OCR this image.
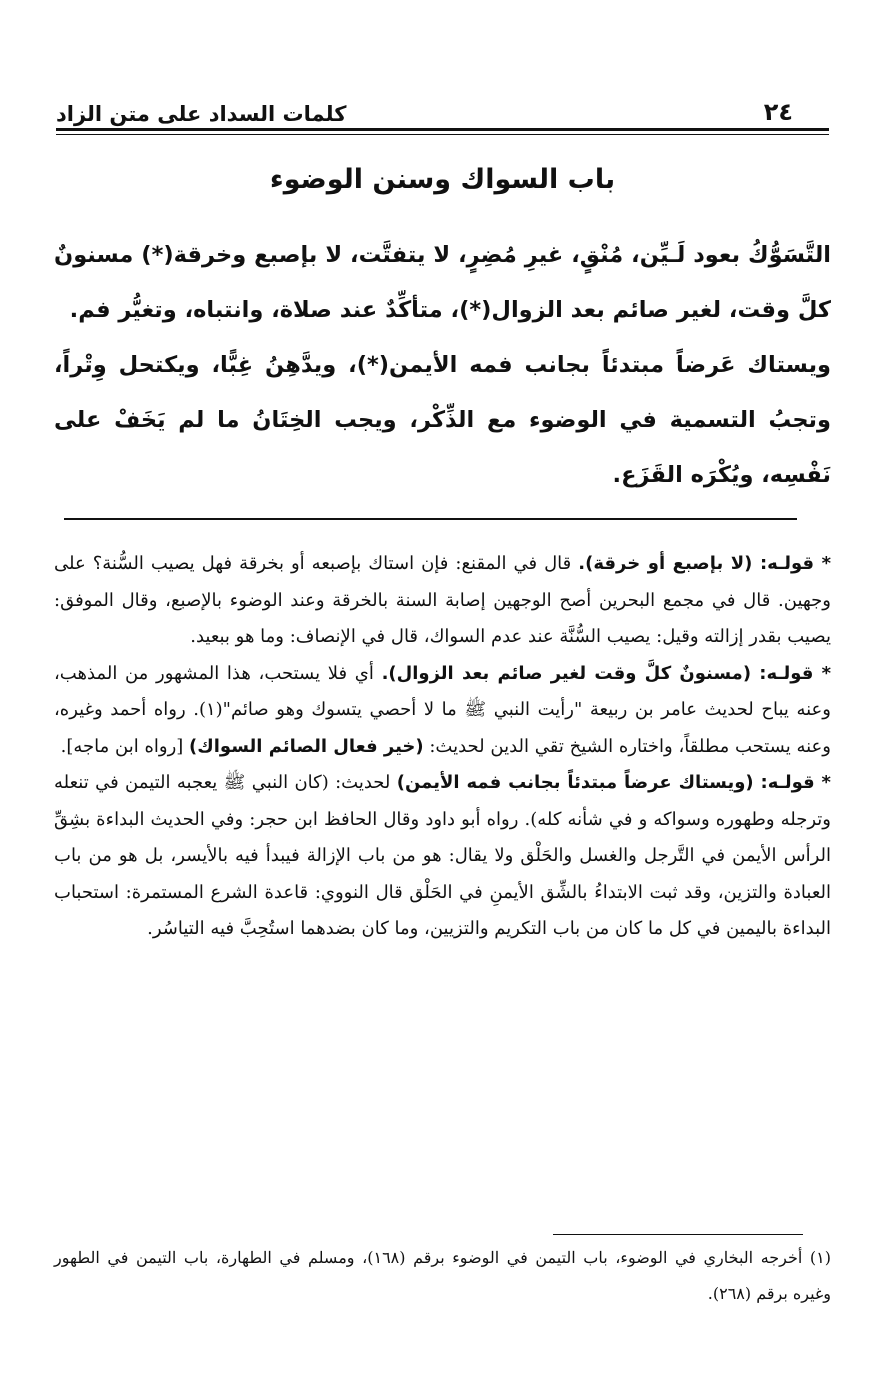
٢٤
كلمات السداد على متن الزاد
باب السواك وسنن الوضوء

التَّسَوُّكُ بعود لَـيِّن، مُنْقٍ، غيرِ مُضِرٍ، لا يتفتَّت، لا بإصبع وخرقة(*) مسنونٌ كلَّ وقت، لغير صائم بعد الزوال(*)، متأكِّدٌ عند صلاة، وانتباه، وتغيُّر فم.

ويستاك عَرضاً مبتدئاً بجانب فمه الأيمن(*)، ويدَّهِنُ غِبًّا، ويكتحل وِتْراً، وتجبُ التسمية في الوضوء مع الذِّكْر، ويجب الخِتَانُ ما لم يَخَفْ على نَفْسِه، ويُكْرَه القَزَع.

* قولـه: (لا بإصبع أو خرقة). قال في المقنع: فإن استاك بإصبعه أو بخرقة فهل يصيب السُّنة؟ على وجهين. قال في مجمع البحرين أصح الوجهين إصابة السنة بالخرقة وعند الوضوء بالإصبع، وقال الموفق: يصيب بقدر إزالته وقيل: يصيب السُّنَّة عند عدم السواك، قال في الإنصاف: وما هو ببعيد.

* قولـه: (مسنونٌ كلَّ وقت لغير صائم بعد الزوال). أي فلا يستحب، هذا المشهور من المذهب، وعنه يباح لحديث عامر بن ربيعة "رأيت النبي ﷺ ما لا أحصي يتسوك وهو صائم"(١). رواه أحمد وغيره، وعنه يستحب مطلقاً، واختاره الشيخ تقي الدين لحديث: (خير فعال الصائم السواك) [رواه ابن ماجه].

* قولـه: (ويستاك عرضاً مبتدئاً بجانب فمه الأيمن) لحديث: (كان النبي ﷺ يعجبه التيمن في تنعله وترجله وطهوره وسواكه و في شأنه كله). رواه أبو داود وقال الحافظ ابن حجر: وفي الحديث البداءة بشِقِّ الرأس الأيمن في التَّرجل والغسل والحَلْق ولا يقال: هو من باب الإزالة فيبدأ فيه بالأيسر، بل هو من باب العبادة والتزين، وقد ثبت الابتداءُ بالشِّق الأيمنِ في الحَلْق قال النووي: قاعدة الشرع المستمرة: استحباب البداءة باليمين في كل ما كان من باب التكريم والتزيين، وما كان بضدهما استُحِبَّ فيه التياسُر.

(١) أخرجه البخاري في الوضوء، باب التيمن في الوضوء برقم (١٦٨)، ومسلم في الطهارة، باب التيمن في الطهور وغيره برقم (٢٦٨).
